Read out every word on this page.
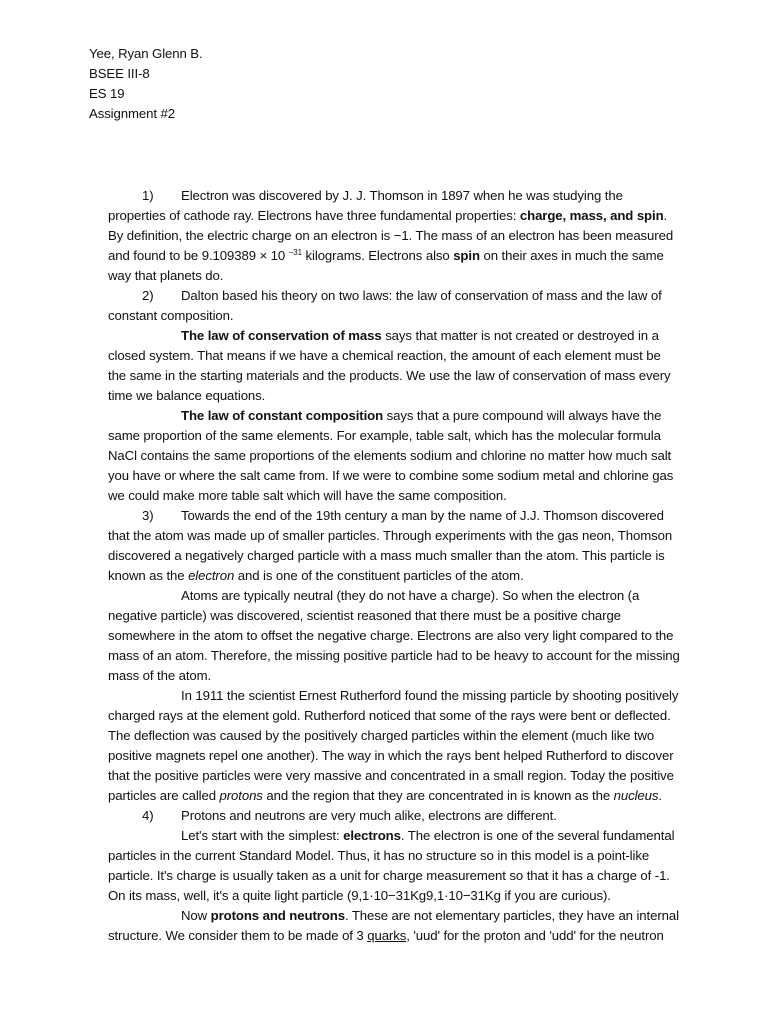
Yee, Ryan Glenn B.
BSEE III-8
ES 19
Assignment #2

1) Electron was discovered by J. J. Thomson in 1897 when he was studying the properties of cathode ray. Electrons have three fundamental properties: charge, mass, and spin. By definition, the electric charge on an electron is −1. The mass of an electron has been measured and found to be 9.109389 × 10 $^{-31}$ kilograms. Electrons also spin on their axes in much the same way that planets do.

2) Dalton based his theory on two laws: the law of conservation of mass and the law of constant composition.

The law of conservation of mass says that matter is not created or destroyed in a closed system. That means if we have a chemical reaction, the amount of each element must be the same in the starting materials and the products. We use the law of conservation of mass every time we balance equations.

The law of constant composition says that a pure compound will always have the same proportion of the same elements. For example, table salt, which has the molecular formula NaCl contains the same proportions of the elements sodium and chlorine no matter how much salt you have or where the salt came from. If we were to combine some sodium metal and chlorine gas we could make more table salt which will have the same composition.

3) Towards the end of the 19th century a man by the name of J.J. Thomson discovered that the atom was made up of smaller particles. Through experiments with the gas neon, Thomson discovered a negatively charged particle with a mass much smaller than the atom. This particle is known as the electron and is one of the constituent particles of the atom.

Atoms are typically neutral (they do not have a charge). So when the electron (a negative particle) was discovered, scientist reasoned that there must be a positive charge somewhere in the atom to offset the negative charge. Electrons are also very light compared to the mass of an atom. Therefore, the missing positive particle had to be heavy to account for the missing mass of the atom.

In 1911 the scientist Ernest Rutherford found the missing particle by shooting positively charged rays at the element gold. Rutherford noticed that some of the rays were bent or deflected. The deflection was caused by the positively charged particles within the element (much like two positive magnets repel one another). The way in which the rays bent helped Rutherford to discover that the positive particles were very massive and concentrated in a small region. Today the positive particles are called protons and the region that they are concentrated in is known as the nucleus.

4) Protons and neutrons are very much alike, electrons are different.

Let's start with the simplest: electrons. The electron is one of the several fundamental particles in the current Standard Model. Thus, it has no structure so in this model is a point-like particle. It's charge is usually taken as a unit for charge measurement so that it has a charge of -1. On its mass, well, it's a quite light particle (9,1·10−31Kg9,1·10−31Kg if you are curious).

Now protons and neutrons. These are not elementary particles, they have an internal structure. We consider them to be made of 3 quarks, 'uud' for the proton and 'udd' for the neutron
